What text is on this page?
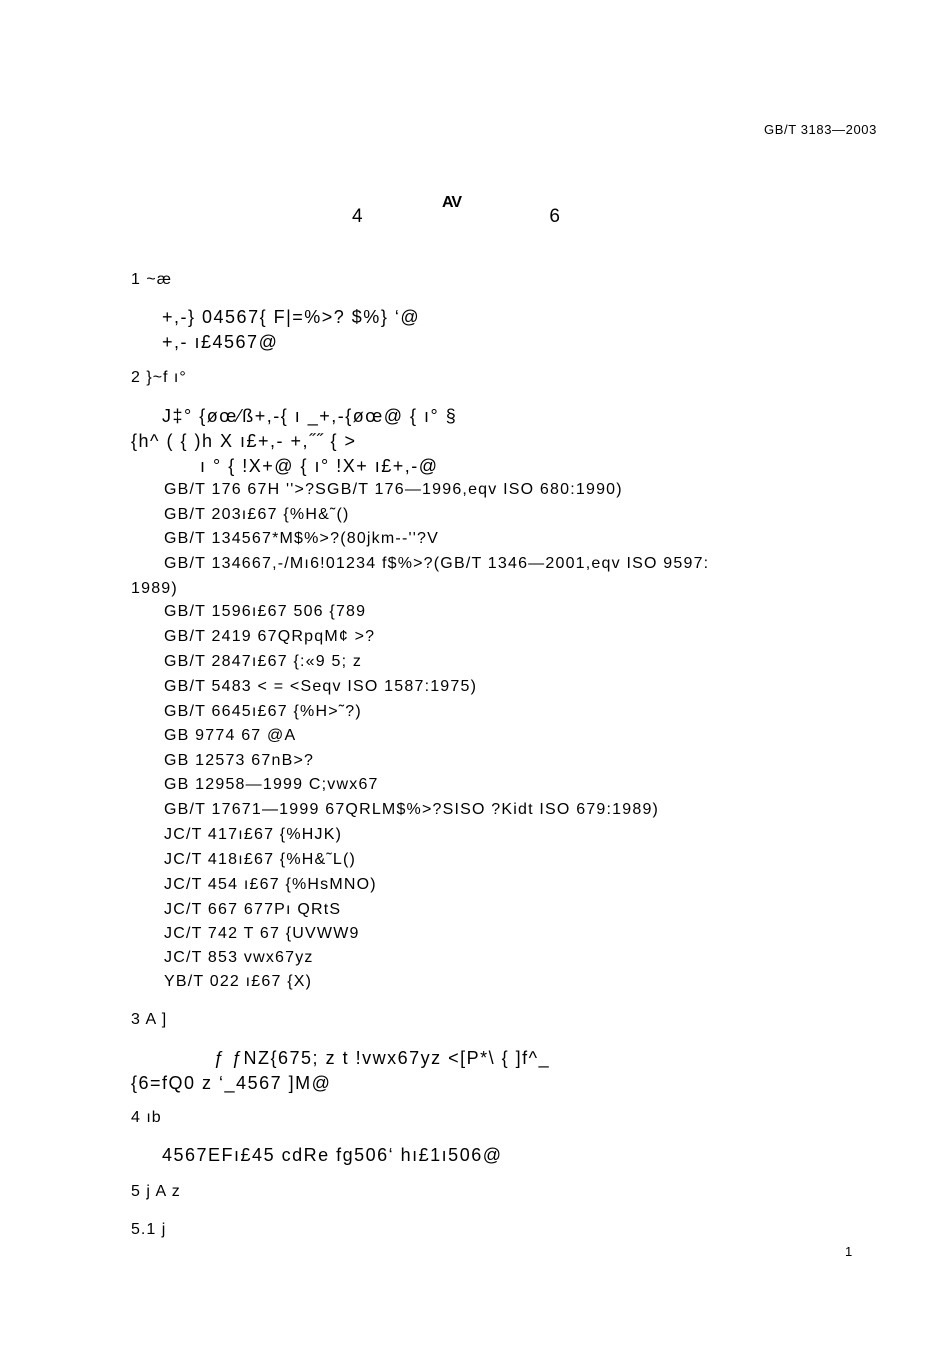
GB/T 3183—2003
AV
4	6
1 ~æ
+,-} 04567{ F|=%>? $%} ‘@
+,- ı£4567@
2 }~f ı°
J‡° {øœ⁄ß+,-{ ı _+,-{øœ@ { ı° §
{h^ ( { )h X ı£+,- +,˝˝ { >
ı ° { !X+@ { ı° !X+ ı£+,-@
GB/T 176 67H ''>?SGB/T 176—1996,eqv ISO 680:1990)
GB/T 203ı£67 {%H&˜()
GB/T 134567*M$%>?(80jkm--''?V
GB/T 134667,-/Mı6!01234 f$%>?(GB/T 1346—2001,eqv ISO 9597:
1989)
GB/T 1596ı£67 506 {789
GB/T 2419 67QRpqM¢ >?
GB/T 2847ı£67 {:«9 5; z
GB/T 5483 < = <Seqv ISO 1587:1975)
GB/T 6645ı£67 {%H>˜?)
GB 9774 67 @A
GB 12573 67nB>?
GB 12958—1999 C;vwx67
GB/T 17671—1999 67QRLM$%>?SISO ?Kidt ISO 679:1989)
JC/T 417ı£67 {%HJK)
JC/T 418ı£67 {%H&˜L()
JC/T 454 ı£67 {%HsMNO)
JC/T 667 677Pı QRtS
JC/T 742 T 67 {UVWW9
JC/T 853 vwx67yz
YB/T 022 ı£67 {X)
3 A ]
ƒ ƒNZ{675; z t !vwx67yz <[P*\ { ]f^_
{6=fQ0 z ‘_4567 ]M@
4 ıb
4567EFı£45 cdRe fg506‘ hı£1ı506@
5 j A z
5.1 j
1
